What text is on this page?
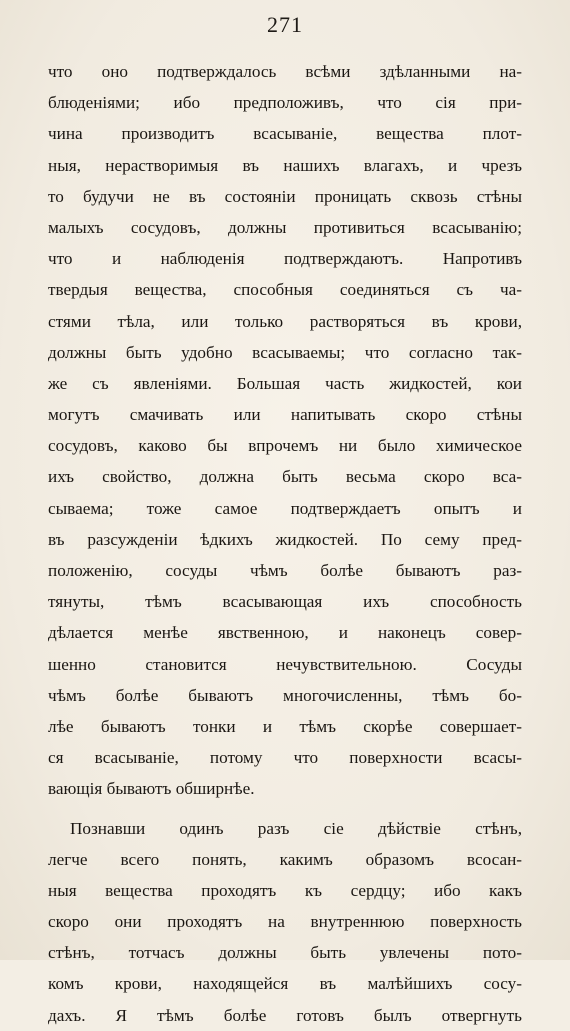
271
что оно подтверждалось всѣми здѣланными на-
блюденіями; ибо предположивъ, что сія при-
чина производитъ всасываніе, вещества плот-
ныя, нерастворимыя въ нашихъ влагахъ, и чрезъ
то будучи не въ состояніи проницать сквозь стѣны
малыхъ сосудовъ, должны противиться всасыванію;
что и наблюденія подтверждаютъ. Напротивъ
твердыя вещества, способныя соединяться съ ча-
стями тѣла, или только растворяться въ крови,
должны быть удобно всасываемы; что согласно так-
же съ явленіями. Большая часть жидкостей, кои
могутъ смачивать или напитывать скоро стѣны
сосудовъ, каково бы впрочемъ ни было химическое
ихъ свойство, должна быть весьма скоро вса-
сываема; тоже самое подтверждаетъ опытъ и
въ разсужденіи ѣдкихъ жидкостей. По сему пред-
положенію, сосуды чѣмъ болѣе бываютъ раз-
тянуты, тѣмъ всасывающая ихъ способность
дѣлается менѣе явственною, и наконецъ совер-
шенно становится нечувствительною. Сосуды
чѣмъ болѣе бываютъ многочисленны, тѣмъ бо-
лѣе бываютъ тонки и тѣмъ скорѣе совершает-
ся всасываніе, потому что поверхности всасы-
вающія бываютъ обширнѣе.
Познавши одинъ разъ сіе дѣйствіе стѣнъ,
легче всего понять, какимъ образомъ всосан-
ныя вещества проходятъ къ сердцу; ибо какъ
скоро они проходятъ на внутреннюю поверхность
стѣнъ, тотчасъ должны быть увлечены пото-
комъ крови, находящейся въ малѣйшихъ сосу-
дахъ. Я тѣмъ болѣе готовъ былъ отвергнуть
